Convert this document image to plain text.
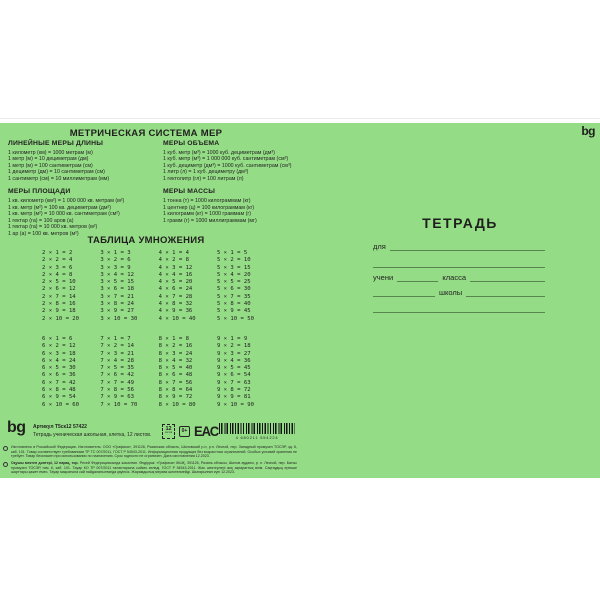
МЕТРИЧЕСКАЯ СИСТЕМА МЕР	bg
ЛИНЕЙНЫЕ МЕРЫ ДЛИНЫ
1 километр (км) = 1000 метрам (м)
1 метр (м) = 10 дециметрам (дм)
1 метр (м) = 100 сантиметрам (см)
1 дециметр (дм) = 10 сантиметрам (см)
1 сантиметр (см) = 10 миллиметрам (мм)
МЕРЫ ПЛОЩАДИ
1 кв. километр (км²) = 1 000 000 кв. метрам (м²)
1 кв. метр (м²) = 100 кв. дециметрам (дм²)
1 кв. метр (м²) = 10 000 кв. сантиметрам (см²)
1 гектар (га) = 100 аров (а)
1 гектар (га) = 10 000 кв. метров (м²)
1 ар (а) = 100 кв. метров (м²)
МЕРЫ ОБЪЕМА
1 куб. метр (м³) = 1000 куб. дециметрам (дм³)
1 куб. метр (м³) = 1 000 000 куб. сантиметрам (см³)
1 куб. дециметр (дм³) = 1000 куб. сантиметрам (см³)
1 литр (л) = 1 куб. дециметру (дм³)
1 гектолитр (гл) = 100 литрам (л)
МЕРЫ МАССЫ
1 тонна (т) = 1000 килограммам (кг)
1 центнер (ц) = 100 килограммам (кг)
1 килограмм (кг) = 1000 граммам (г)
1 грамм (г) = 1000 миллиграммам (мг)
ТАБЛИЦА УМНОЖЕНИЯ
2 × 1 = 2
2 × 2 = 4
2 × 3 = 6
2 × 4 = 8
2 × 5 = 10
2 × 6 = 12
2 × 7 = 14
2 × 8 = 16
2 × 9 = 18
2 × 10 = 20
3 × 1 = 3
3 × 2 = 6
3 × 3 = 9
3 × 4 = 12
3 × 5 = 15
3 × 6 = 18
3 × 7 = 21
3 × 8 = 24
3 × 9 = 27
3 × 10 = 30
4 × 1 = 4
4 × 2 = 8
4 × 3 = 12
4 × 4 = 16
4 × 5 = 20
4 × 6 = 24
4 × 7 = 28
4 × 8 = 32
4 × 9 = 36
4 × 10 = 40
5 × 1 = 5
5 × 2 = 10
5 × 3 = 15
5 × 4 = 20
5 × 5 = 25
5 × 6 = 30
5 × 7 = 35
5 × 8 = 40
5 × 9 = 45
5 × 10 = 50
6 × 1 = 6
6 × 2 = 12
6 × 3 = 18
6 × 4 = 24
6 × 5 = 30
6 × 6 = 36
6 × 7 = 42
6 × 8 = 48
6 × 9 = 54
6 × 10 = 60
7 × 1 = 7
7 × 2 = 14
7 × 3 = 21
7 × 4 = 28
7 × 5 = 35
7 × 6 = 42
7 × 7 = 49
7 × 8 = 56
7 × 9 = 63
7 × 10 = 70
8 × 1 = 8
8 × 2 = 16
8 × 3 = 24
8 × 4 = 32
8 × 5 = 40
8 × 6 = 48
8 × 7 = 56
8 × 8 = 64
8 × 9 = 72
8 × 10 = 80
9 × 1 = 9
9 × 2 = 18
9 × 3 = 27
9 × 4 = 36
9 × 5 = 45
9 × 6 = 54
9 × 7 = 63
9 × 8 = 72
9 × 9 = 81
9 × 10 = 90
ТЕТРАДЬ
для
учени	класса
школы
bg Артикул Т5ск12 57422
Тетрадь ученическая школьная, клетка, 12 листов.
12
листов	0+ ЕАС	4 680211 554224
Изготовлено в Российской Федерации. Изготовитель: ООО «Графика», 391126, Рязанская область, Шиловский р-н, р.п. Лесной, пер. Западный промузел ТОСЭР, зд. 6, каб. 101. Товар соответствует требованиям ТР ТС 007/2011, ГОСТ Р 54543-2011. Информационная продукция без возрастных ограничений. Особых условий хранения не требует. Товар безопасен при использовании по назначению. Срок годности не ограничен. Дата изготовления 12.2023.
Оқушы мектеп дәптері, 12 парақ, тор. Ресей Федерациясында жасалған. Өндіруші: «Графика» ЖШҚ, 391126, Рязань облысы, Шилов ауданы, р. п. Лесной, пер. Батыс промузел ТОСЭР, ғим. 6, каб. 101. Тауар КО ТР 007/2011 талаптарына сәйкес келеді, ГОСТ Р 54543-2011. Жас шектеулері жоқ ақпараттық өнім. Сақтаудың ерекше шарттары қажет емес. Тауар мақсатына сай пайдаланылғанда қауіпсіз. Жарамдылық мерзімі шектелмейді. Шығарылған күні 12.2023.
